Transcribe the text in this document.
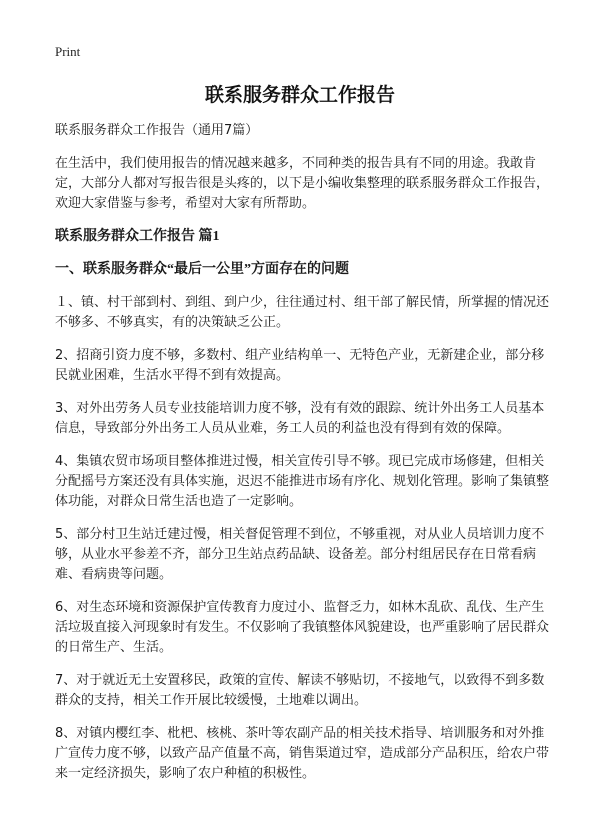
Print
联系服务群众工作报告

联系服务群众工作报告（通用7篇）

在生活中，我们使用报告的情况越来越多，不同种类的报告具有不同的用途。我敢肯定，大部分人都对写报告很是头疼的，以下是小编收集整理的联系服务群众工作报告，欢迎大家借鉴与参考，希望对大家有所帮助。

联系服务群众工作报告 篇1

一、联系服务群众“最后一公里”方面存在的问题

１、镇、村干部到村、到组、到户少，往往通过村、组干部了解民情，所掌握的情况还不够多、不够真实，有的决策缺乏公正。

2、招商引资力度不够，多数村、组产业结构单一、无特色产业，无新建企业，部分移民就业困难，生活水平得不到有效提高。

3、对外出劳务人员专业技能培训力度不够，没有有效的跟踪、统计外出务工人员基本信息，导致部分外出务工人员从业难，务工人员的利益也没有得到有效的保障。

4、集镇农贸市场项目整体推进过慢，相关宣传引导不够。现已完成市场修建，但相关分配摇号方案还没有具体实施，迟迟不能推进市场有序化、规划化管理。影响了集镇整体功能，对群众日常生活也造了一定影响。

5、部分村卫生站迁建过慢，相关督促管理不到位，不够重视，对从业人员培训力度不够，从业水平参差不齐，部分卫生站点药品缺、设备差。部分村组居民存在日常看病难、看病贵等问题。

6、对生态环境和资源保护宣传教育力度过小、监督乏力，如林木乱砍、乱伐、生产生活垃圾直接入河现象时有发生。不仅影响了我镇整体风貌建设，也严重影响了居民群众的日常生产、生活。

7、对于就近无土安置移民，政策的宣传、解读不够贴切，不接地气，以致得不到多数群众的支持，相关工作开展比较缓慢，土地难以调出。

8、对镇内樱红李、枇杷、核桃、茶叶等农副产品的相关技术指导、培训服务和对外推广宣传力度不够，以致产品产值量不高，销售渠道过窄，造成部分产品积压，给农户带来一定经济损失，影响了农户种植的积极性。
